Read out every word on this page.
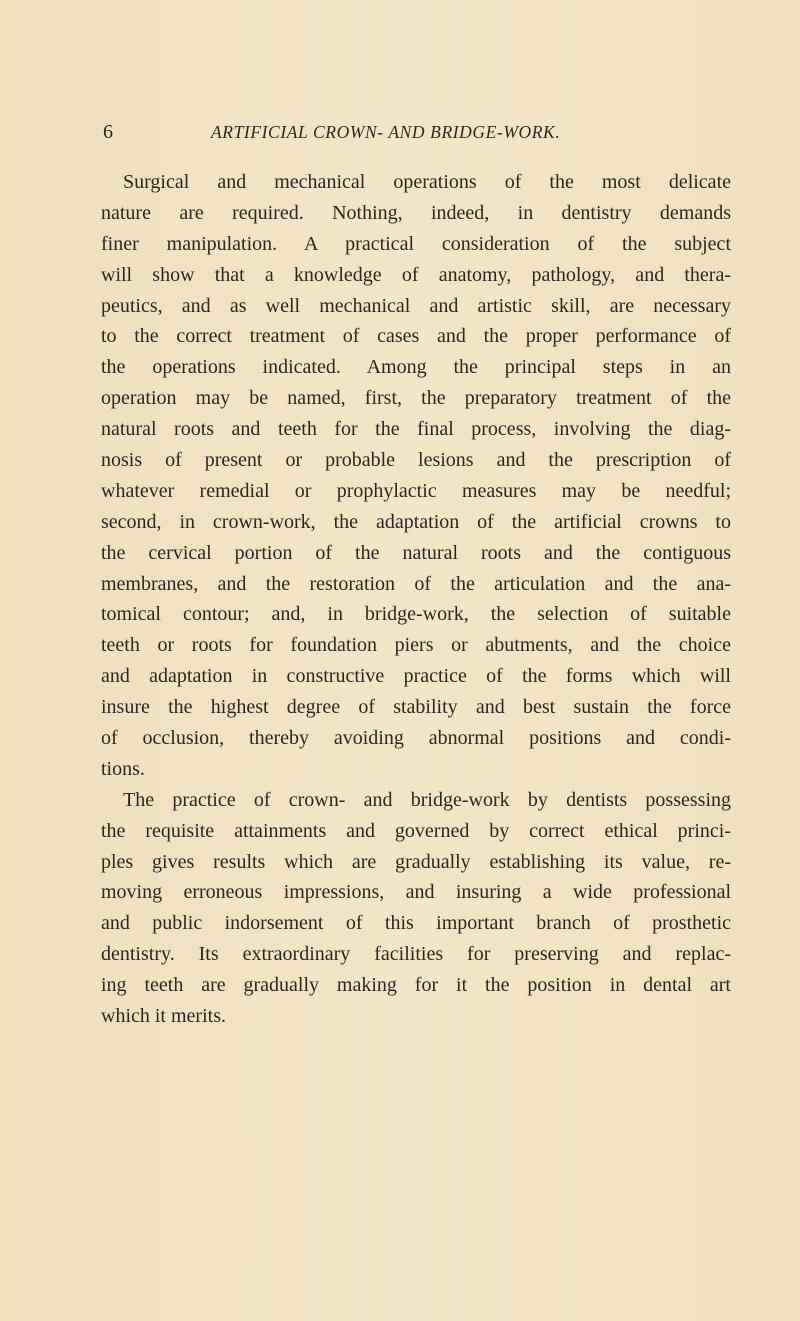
6	ARTIFICIAL CROWN- AND BRIDGE-WORK.
Surgical and mechanical operations of the most delicate
nature are required. Nothing, indeed, in dentistry demands
finer manipulation. A practical consideration of the subject
will show that a knowledge of anatomy, pathology, and thera-
peutics, and as well mechanical and artistic skill, are necessary
to the correct treatment of cases and the proper performance of
the operations indicated. Among the principal steps in an
operation may be named, first, the preparatory treatment of the
natural roots and teeth for the final process, involving the diag-
nosis of present or probable lesions and the prescription of
whatever remedial or prophylactic measures may be needful;
second, in crown-work, the adaptation of the artificial crowns to
the cervical portion of the natural roots and the contiguous
membranes, and the restoration of the articulation and the ana-
tomical contour; and, in bridge-work, the selection of suitable
teeth or roots for foundation piers or abutments, and the choice
and adaptation in constructive practice of the forms which will
insure the highest degree of stability and best sustain the force
of occlusion, thereby avoiding abnormal positions and condi-
tions.
The practice of crown- and bridge-work by dentists possessing
the requisite attainments and governed by correct ethical princi-
ples gives results which are gradually establishing its value, re-
moving erroneous impressions, and insuring a wide professional
and public indorsement of this important branch of prosthetic
dentistry. Its extraordinary facilities for preserving and replac-
ing teeth are gradually making for it the position in dental art
which it merits.
